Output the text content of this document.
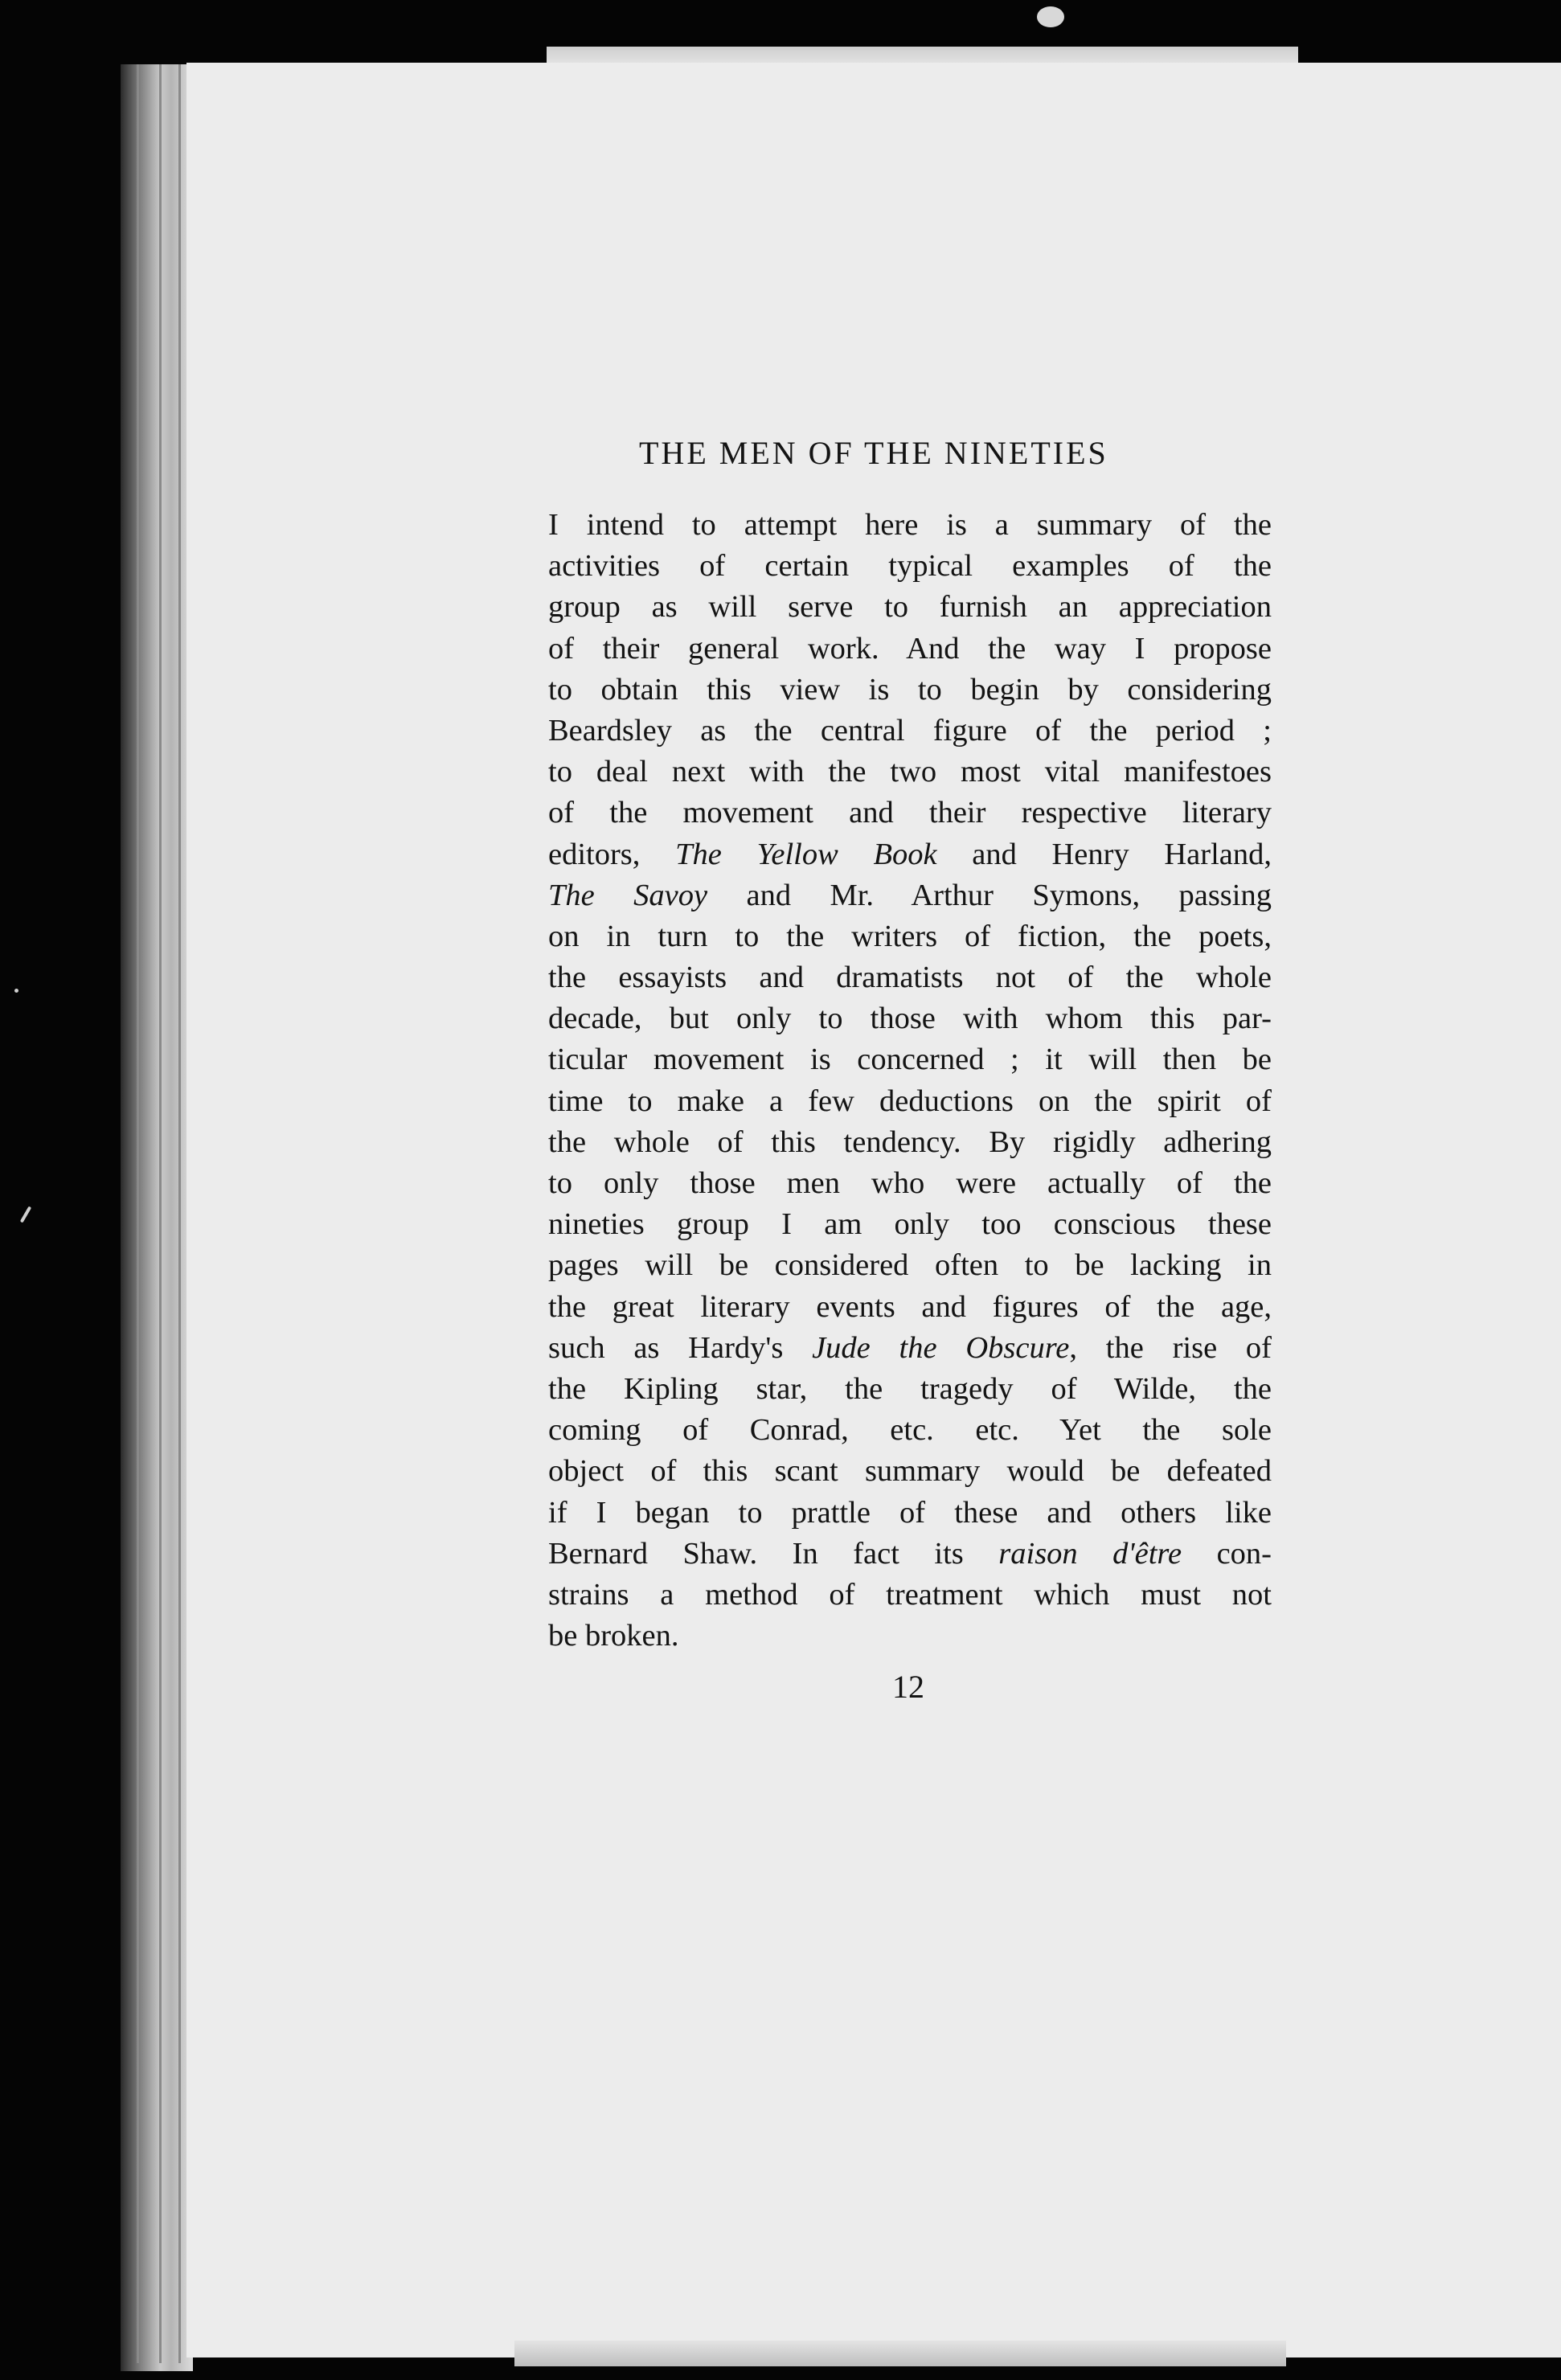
THE MEN OF THE NINETIES
I intend to attempt here is a summary of the
activities of certain typical examples of the
group as will serve to furnish an appreciation
of their general work. And the way I propose
to obtain this view is to begin by considering
Beardsley as the central figure of the period ;
to deal next with the two most vital manifestoes
of the movement and their respective literary
editors, The Yellow Book and Henry Harland,
The Savoy and Mr. Arthur Symons, passing
on in turn to the writers of fiction, the poets,
the essayists and dramatists not of the whole
decade, but only to those with whom this par-
ticular movement is concerned ; it will then be
time to make a few deductions on the spirit of
the whole of this tendency. By rigidly adhering
to only those men who were actually of the
nineties group I am only too conscious these
pages will be considered often to be lacking in
the great literary events and figures of the age,
such as Hardy's Jude the Obscure, the rise of
the Kipling star, the tragedy of Wilde, the
coming of Conrad, etc. etc. Yet the sole
object of this scant summary would be defeated
if I began to prattle of these and others like
Bernard Shaw. In fact its raison d'être con-
strains a method of treatment which must not
be broken.
12
